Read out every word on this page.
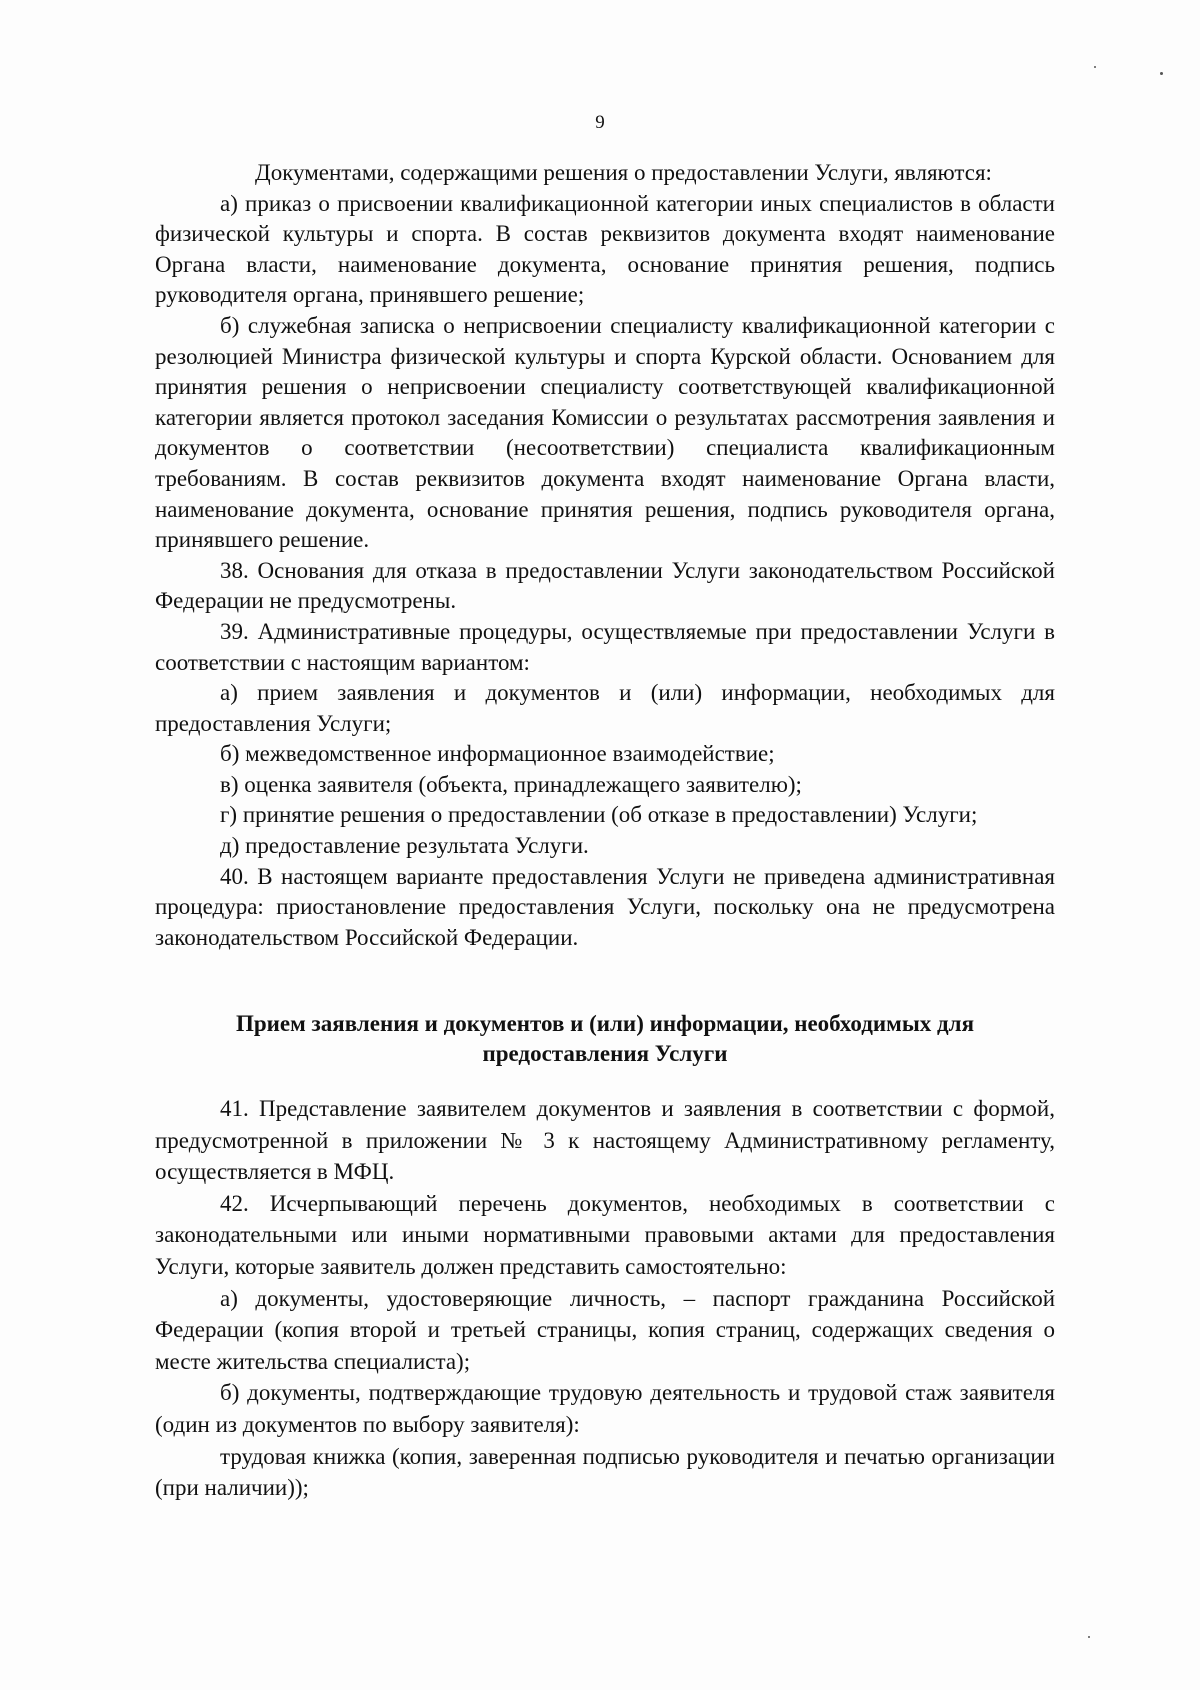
9

Документами, содержащими решения о предоставлении Услуги, являются:

а) приказ о присвоении квалификационной категории иных специалистов в области физической культуры и спорта. В состав реквизитов документа входят наименование Органа власти, наименование документа, основание принятия решения, подпись руководителя органа, принявшего решение;

б) служебная записка о неприсвоении специалисту квалификационной категории с резолюцией Министра физической культуры и спорта Курской области. Основанием для принятия решения о неприсвоении специалисту соответствующей квалификационной категории является протокол заседания Комиссии о результатах рассмотрения заявления и документов о соответствии (несоответствии) специалиста квалификационным требованиям. В состав реквизитов документа входят наименование Органа власти, наименование документа, основание принятия решения, подпись руководителя органа, принявшего решение.

38. Основания для отказа в предоставлении Услуги законодательством Российской Федерации не предусмотрены.

39. Административные процедуры, осуществляемые при предоставлении Услуги в соответствии с настоящим вариантом:

а) прием заявления и документов и (или) информации, необходимых для предоставления Услуги;

б) межведомственное информационное взаимодействие;

в) оценка заявителя (объекта, принадлежащего заявителю);

г) принятие решения о предоставлении (об отказе в предоставлении) Услуги;

д) предоставление результата Услуги.

40. В настоящем варианте предоставления Услуги не приведена административная процедура: приостановление предоставления Услуги, поскольку она не предусмотрена законодательством Российской Федерации.

Прием заявления и документов и (или) информации, необходимых для предоставления Услуги

41. Представление заявителем документов и заявления в соответствии с формой, предусмотренной в приложении № 3 к настоящему Административному регламенту, осуществляется в МФЦ.

42. Исчерпывающий перечень документов, необходимых в соответствии с законодательными или иными нормативными правовыми актами для предоставления Услуги, которые заявитель должен представить самостоятельно:

а) документы, удостоверяющие личность, – паспорт гражданина Российской Федерации (копия второй и третьей страницы, копия страниц, содержащих сведения о месте жительства специалиста);

б) документы, подтверждающие трудовую деятельность и трудовой стаж заявителя (один из документов по выбору заявителя):

трудовая книжка (копия, заверенная подписью руководителя и печатью организации (при наличии));
